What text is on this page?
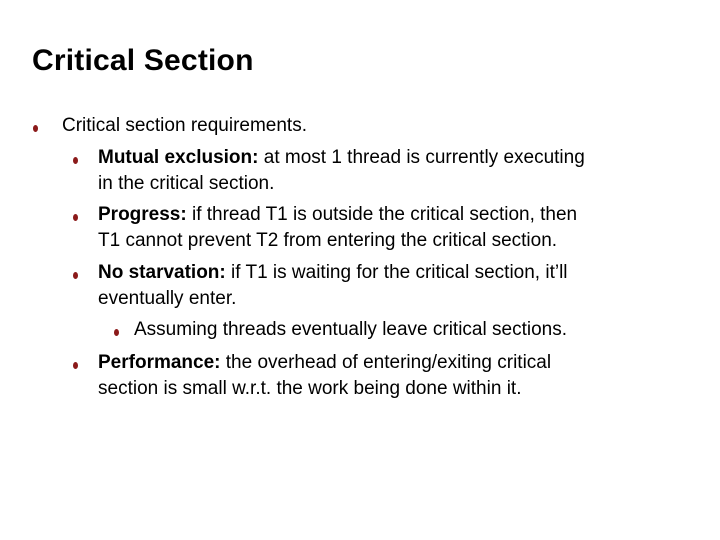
Critical Section
Critical section requirements.
Mutual exclusion: at most 1 thread is currently executing
in the critical section.
Progress: if thread T1 is outside the critical section, then
T1 cannot prevent T2 from entering the critical section.
No starvation: if T1 is waiting for the critical section, it’ll
eventually enter.
Assuming threads eventually leave critical sections.
Performance: the overhead of entering/exiting critical
section is small w.r.t. the work being done within it.
